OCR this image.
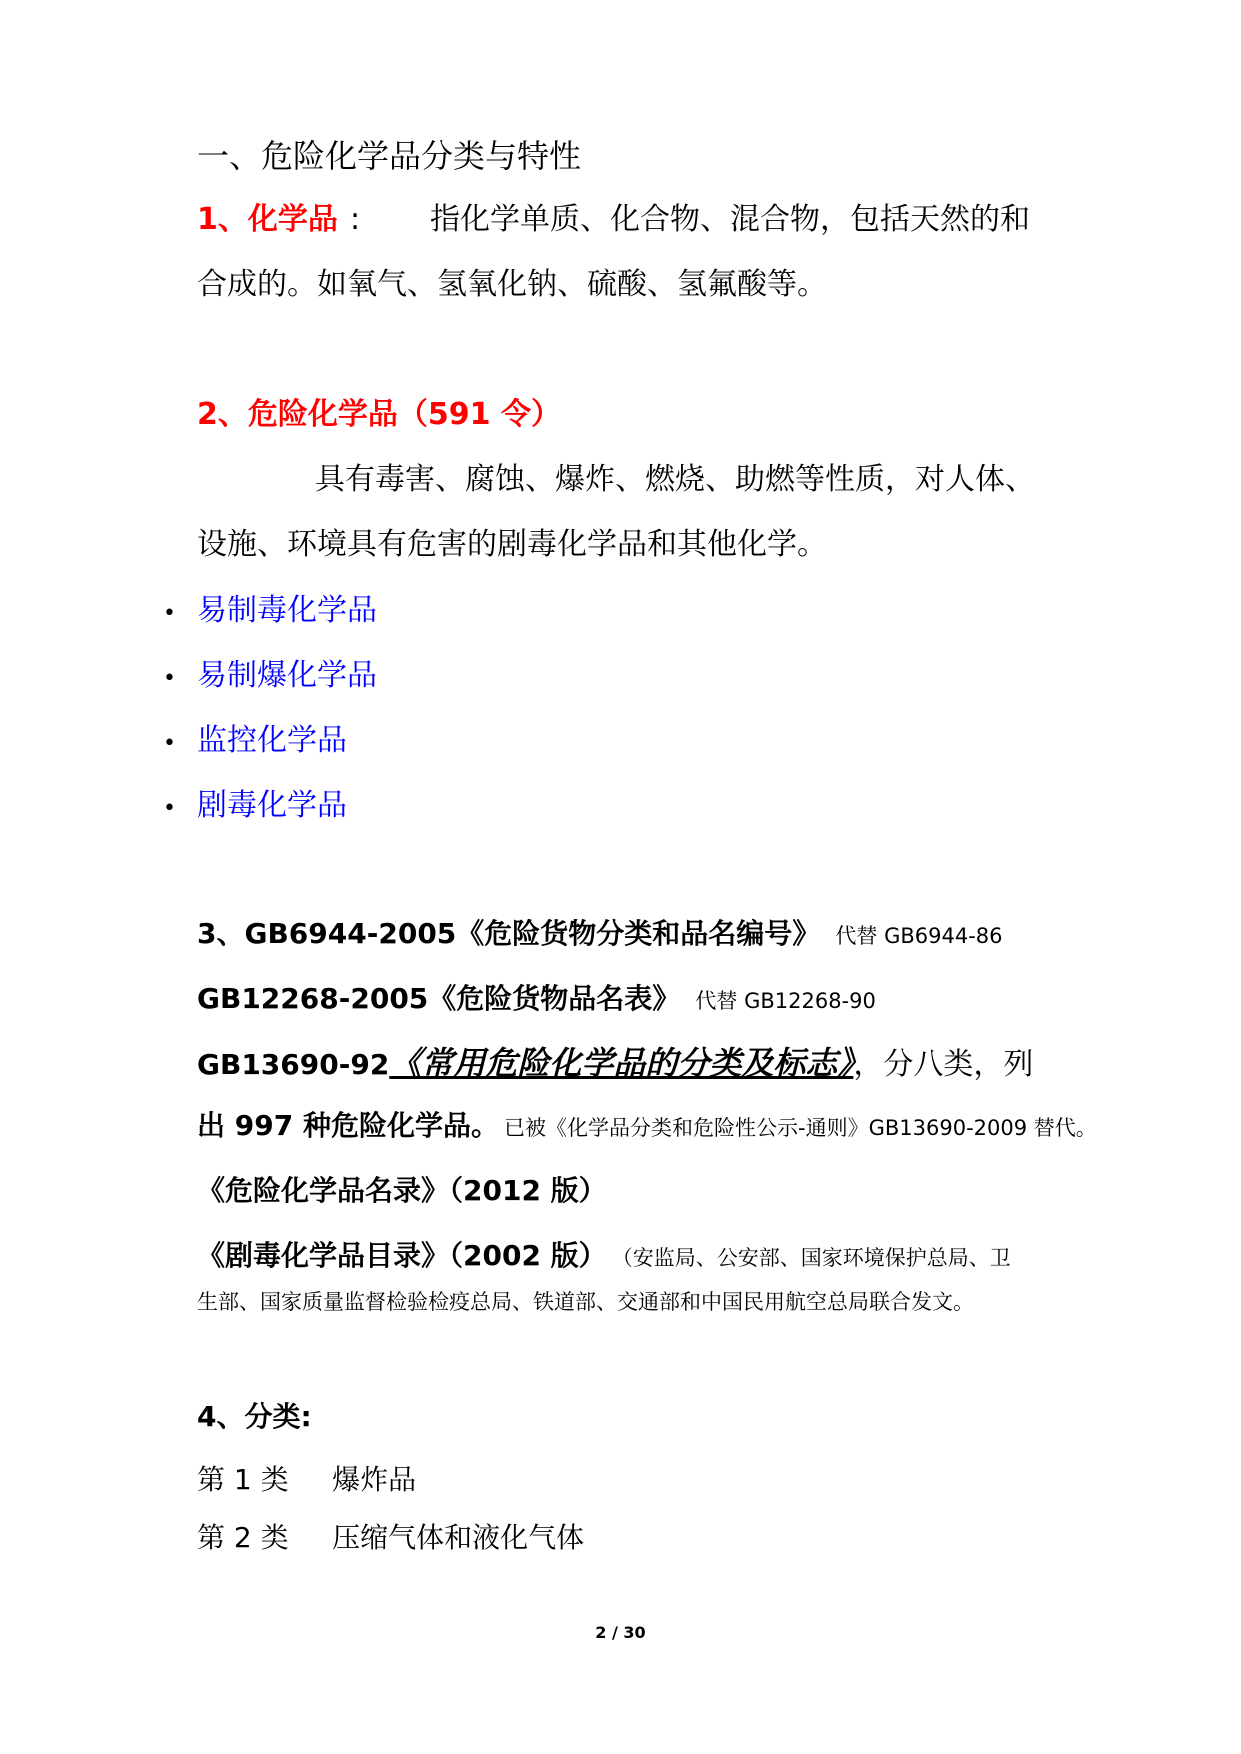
一、危险化学品分类与特性
1、化学品 : 指化学单质、化合物、混合物，包括天然的和
合成的。如氧气、氢氧化钠、硫酸、氢氟酸等。
2、危险化学品（591 令）
具有毒害、腐蚀、爆炸、燃烧、助燃等性质，对人体、
设施、环境具有危害的剧毒化学品和其他化学。
• 易制毒化学品
• 易制爆化学品
• 监控化学品
• 剧毒化学品
3、GB6944-2005《危险货物分类和品名编号》 代替 GB6944-86
GB12268-2005《危险货物品名表》 代替 GB12268-90
GB13690-92《常用危险化学品的分类及标志》，分八类，列
出 997 种危险化学品。 已被《化学品分类和危险性公示-通则》GB13690-2009 替代。
《危险化学品名录》（2012 版）
《剧毒化学品目录》（2002 版） （安监局、公安部、国家环境保护总局、卫
生部、国家质量监督检验检疫总局、铁道部、交通部和中国民用航空总局联合发文。
4、分类:
第 1 类 爆炸品
第 2 类 压缩气体和液化气体
2 / 30
